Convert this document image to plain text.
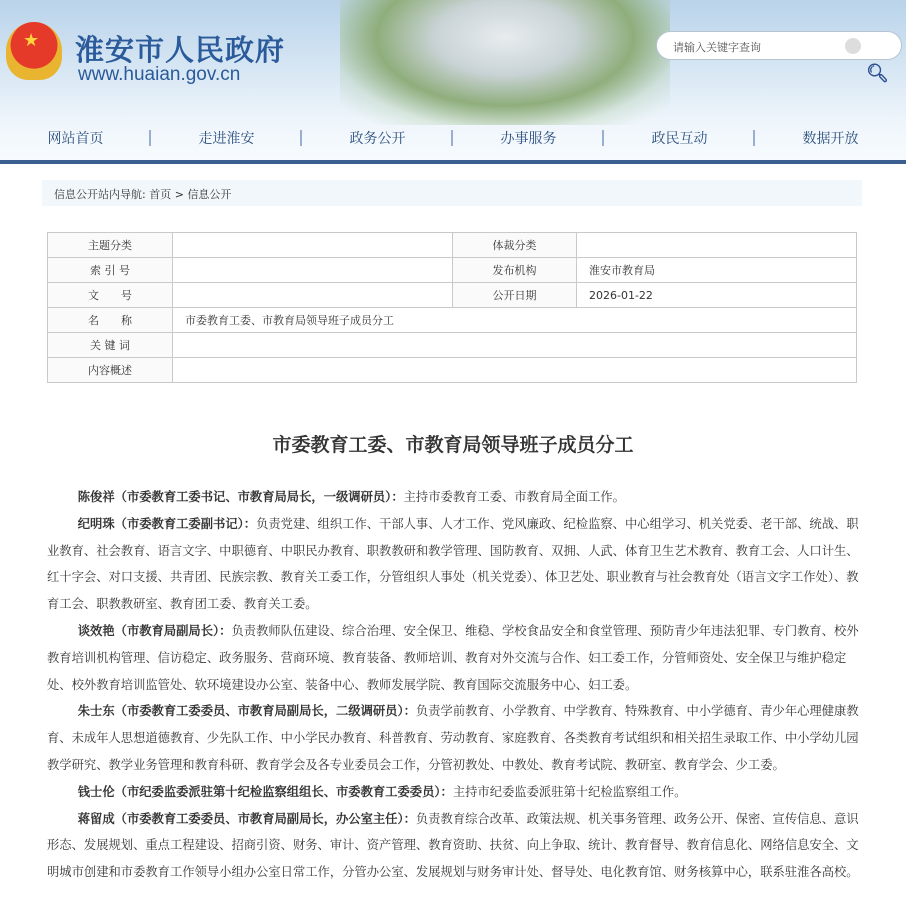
★ 淮安市人民政府
www.huaian.gov.cn
请输入关键字查询
🔍︎
网站首页	走进淮安	政务公开	办事服务	政民互动	数据开放
信息公开站内导航: 首页 > 信息公开
主题分类		体裁分类	
索 引 号		发布机构	淮安市教育局
文　　号		公开日期	2026-01-22
名　　称	市委教育工委、市教育局领导班子成员分工		
关 键 词			
内容概述			
市委教育工委、市教育局领导班子成员分工

陈俊祥（市委教育工委书记、市教育局局长，一级调研员）：主持市委教育工委、市教育局全面工作。

纪明珠（市委教育工委副书记）：负责党建、组织工作、干部人事、人才工作、党风廉政、纪检监察、中心组学习、机关党委、老干部、统战、职业教育、社会教育、语言文字、中职德育、中职民办教育、职教教研和教学管理、国防教育、双拥、人武、体育卫生艺术教育、教育工会、人口计生、红十字会、对口支援、共青团、民族宗教、教育关工委工作，分管组织人事处（机关党委）、体卫艺处、职业教育与社会教育处（语言文字工作处）、教育工会、职教教研室、教育团工委、教育关工委。

谈效艳（市教育局副局长）：负责教师队伍建设、综合治理、安全保卫、维稳、学校食品安全和食堂管理、预防青少年违法犯罪、专门教育、校外教育培训机构管理、信访稳定、政务服务、营商环境、教育装备、教师培训、教育对外交流与合作、妇工委工作，分管师资处、安全保卫与维护稳定处、校外教育培训监管处、软环境建设办公室、装备中心、教师发展学院、教育国际交流服务中心、妇工委。

朱士东（市委教育工委委员、市教育局副局长，二级调研员）：负责学前教育、小学教育、中学教育、特殊教育、中小学德育、青少年心理健康教育、未成年人思想道德教育、少先队工作、中小学民办教育、科普教育、劳动教育、家庭教育、各类教育考试组织和相关招生录取工作、中小学幼儿园教学研究、教学业务管理和教育科研、教育学会及各专业委员会工作，分管初教处、中教处、教育考试院、教研室、教育学会、少工委。

钱士伦（市纪委监委派驻第十纪检监察组组长、市委教育工委委员）：主持市纪委监委派驻第十纪检监察组工作。

蒋留成（市委教育工委委员、市教育局副局长，办公室主任）：负责教育综合改革、政策法规、机关事务管理、政务公开、保密、宣传信息、意识形态、发展规划、重点工程建设、招商引资、财务、审计、资产管理、教育资助、扶贫、向上争取、统计、教育督导、教育信息化、网络信息安全、文明城市创建和市委教育工作领导小组办公室日常工作，分管办公室、发展规划与财务审计处、督导处、电化教育馆、财务核算中心，联系驻淮各高校。
